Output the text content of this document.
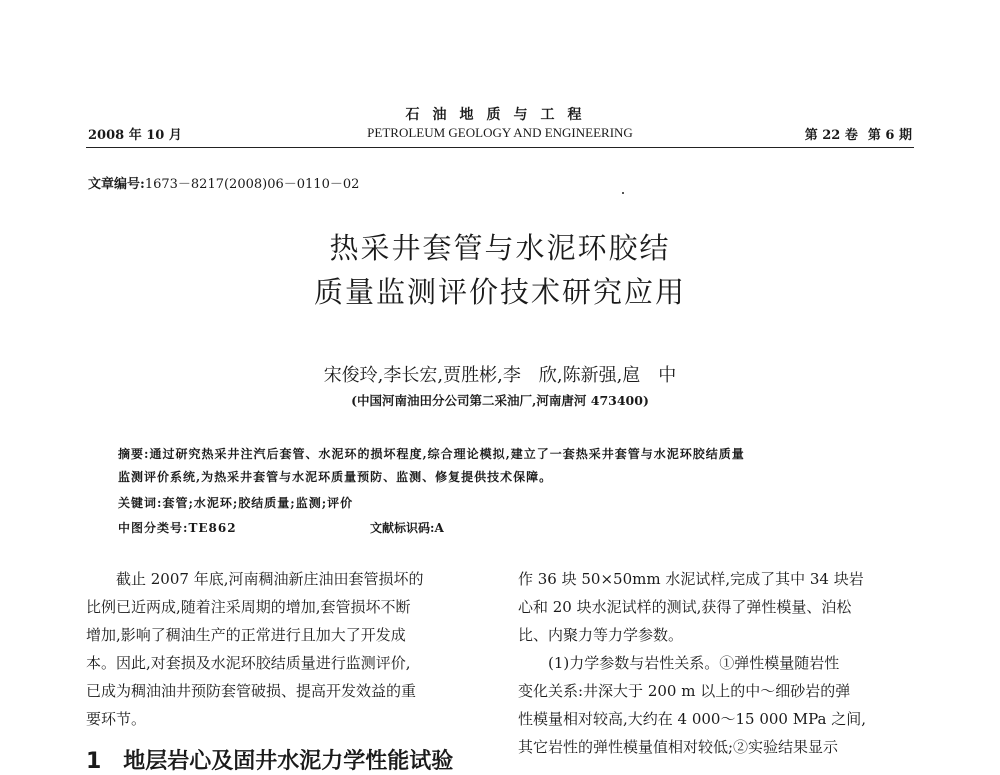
石油地质与工程
2008 年 10 月	PETROLEUM GEOLOGY AND ENGINEERING	第 22 卷 第 6 期
文章编号:1673－8217(2008)06－0110－02
热采井套管与水泥环胶结
质量监测评价技术研究应用
宋俊玲,李长宏,贾胜彬,李　欣,陈新强,扈　中
(中国河南油田分公司第二采油厂,河南唐河 473400)
摘要:通过研究热采井注汽后套管、水泥环的损坏程度,综合理论模拟,建立了一套热采井套管与水泥环胶结质量
监测评价系统,为热采井套管与水泥环质量预防、监测、修复提供技术保障。
关键词:套管;水泥环;胶结质量;监测;评价
中图分类号:TE862	文献标识码:A
　　截止 2007 年底,河南稠油新庄油田套管损坏的
比例已近两成,随着注采周期的增加,套管损坏不断
增加,影响了稠油生产的正常进行且加大了开发成
本。因此,对套损及水泥环胶结质量进行监测评价,
已成为稠油油井预防套管破损、提高开发效益的重
要环节。
1　地层岩心及固井水泥力学性能试验
作 36 块 50×50mm 水泥试样,完成了其中 34 块岩
心和 20 块水泥试样的测试,获得了弹性模量、泊松
比、内聚力等力学参数。
　　(1)力学参数与岩性关系。①弹性模量随岩性
变化关系:井深大于 200 m 以上的中～细砂岩的弹
性模量相对较高,大约在 4 000～15 000 MPa 之间,
其它岩性的弹性模量值相对较低;②实验结果显示
